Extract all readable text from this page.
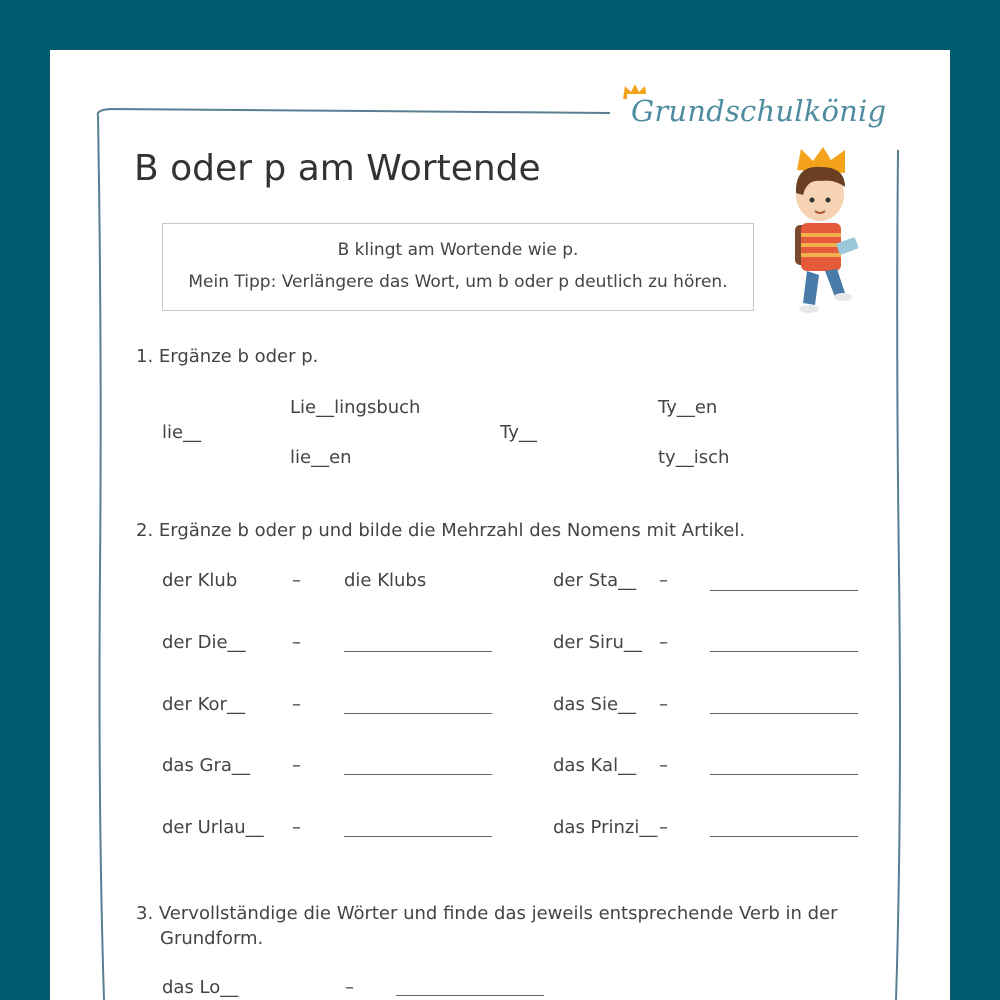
Grundschulkönig
B oder p am Wortende
B klingt am Wortende wie p.
Mein Tipp: Verlängere das Wort, um b oder p deutlich zu hören.
1. Ergänze b oder p.
lie__
Lie__lingsbuch
lie__en
Ty__
Ty__en
ty__isch
2. Ergänze b oder p und bilde die Mehrzahl des Nomens mit Artikel.
der Klub	– die Klubs	der Sta__ –
der Die__	–	der Siru__ –
der Kor__	–	das Sie__ –
das Gra__ –	das Kal__ –
der Urlau__ –	das Prinzi__ –
3. Vervollständige die Wörter und finde das jeweils entsprechende Verb in der
Grundform.
das Lo__	–
